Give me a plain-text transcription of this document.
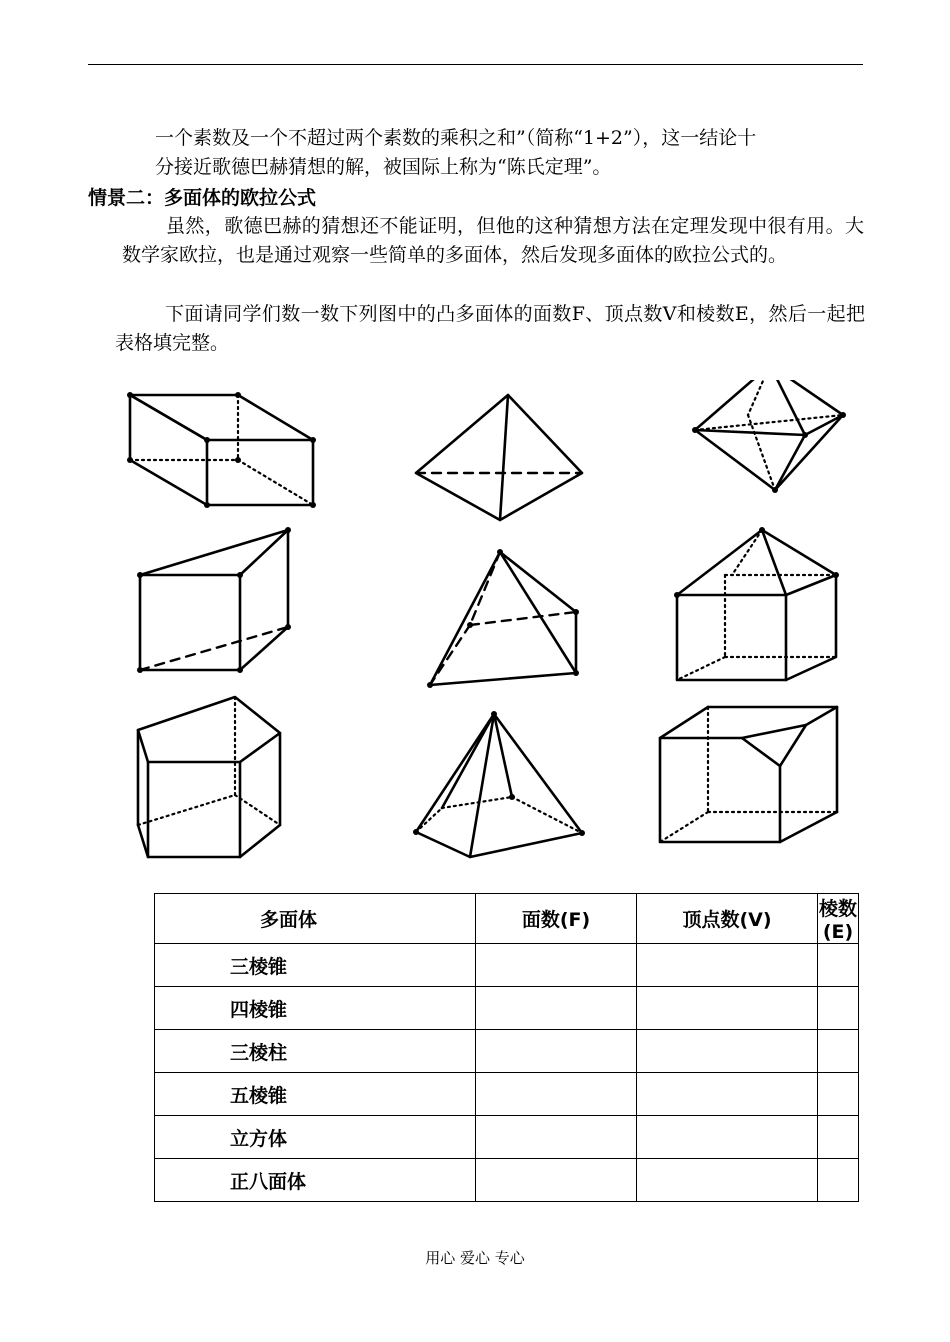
一个素数及一个不超过两个素数的乘积之和”（简称“1+2”），这一结论十

分接近歌德巴赫猜想的解，被国际上称为“陈氏定理”。

情景二：多面体的欧拉公式

虽然，歌德巴赫的猜想还不能证明，但他的这种猜想方法在定理发现中很有用。大数学家欧拉，也是通过观察一些简单的多面体，然后发现多面体的欧拉公式的。

下面请同学们数一数下列图中的凸多面体的面数F、顶点数V和棱数E，然后一起把表格填完整。

多面体	面数(F)	顶点数(V)	棱数(E)
三棱锥			
四棱锥			
三棱柱			
五棱锥			
立方体			
正八面体			
用心 爱心 专心
